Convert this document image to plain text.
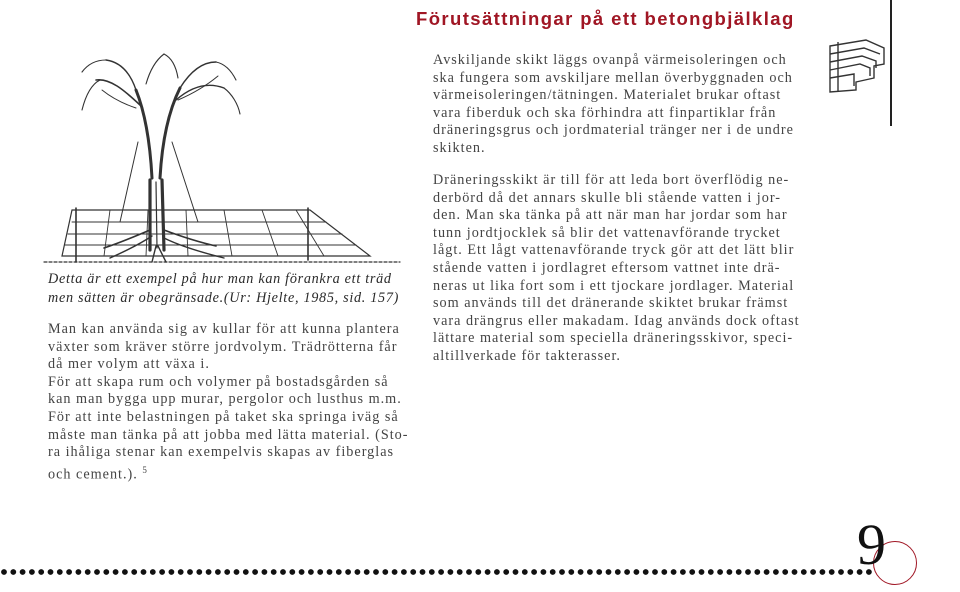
Förutsättningar på ett betongbjälklag
Detta är ett exempel på hur man kan förankra ett träd men sätten är obegränsade.(Ur: Hjelte, 1985, sid. 157)

Man kan använda sig av kullar för att kunna plantera
växter som kräver större jordvolym. Trädrötterna får
då mer volym att växa i.
För att skapa rum och volymer på bostadsgården så
kan man bygga upp murar, pergolor och lusthus m.m.
För att inte belastningen på taket ska springa iväg så
måste man tänka på att jobba med lätta material. (Sto-
ra ihåliga stenar kan exempelvis skapas av fiberglas
och cement.). $^5$

Avskiljande skikt läggs ovanpå värmeisoleringen och
ska fungera som avskiljare mellan överbyggnaden och
värmeisoleringen/tätningen. Materialet brukar oftast
vara fiberduk och ska förhindra att finpartiklar från
dräneringsgrus och jordmaterial tränger ner i de undre
skikten.

Dräneringsskikt är till för att leda bort överflödig ne-
derbörd då det annars skulle bli stående vatten i jor-
den. Man ska tänka på att när man har jordar som har
tunn jordtjocklek så blir det vattenavförande trycket
lågt. Ett lågt vattenavförande tryck gör att det lätt blir
stående vatten i jordlagret eftersom vattnet inte drä-
neras ut lika fort som i ett tjockare jordlager. Material
som används till det dränerande skiktet brukar främst
vara drängrus eller makadam. Idag används dock oftast
lättare material som speciella dräneringsskivor, speci-
altillverkade för takterasser.

9
